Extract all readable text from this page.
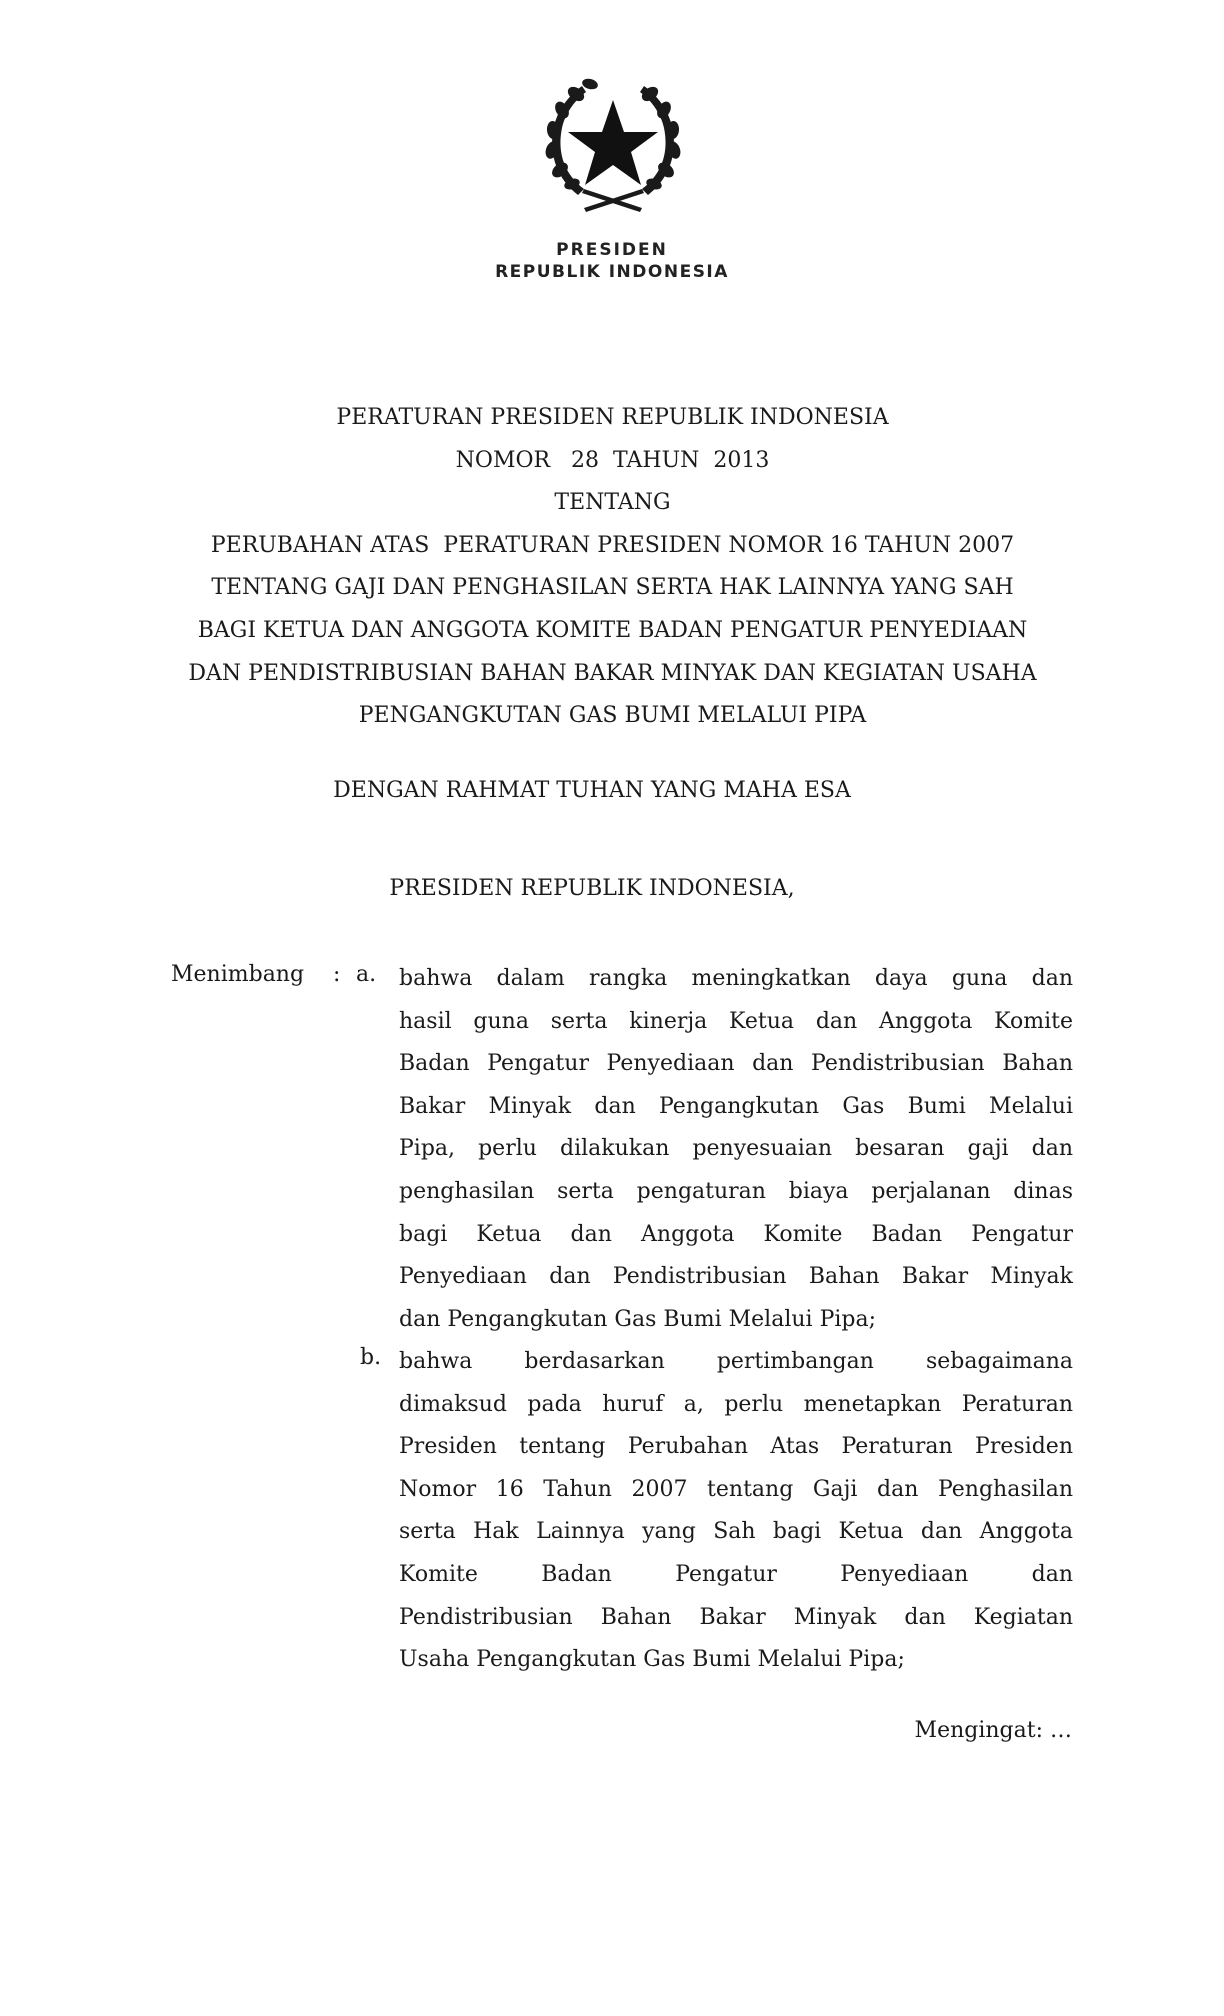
PRESIDEN
REPUBLIK INDONESIA
PERATURAN PRESIDEN REPUBLIK INDONESIA
NOMOR   28  TAHUN  2013
TENTANG
PERUBAHAN ATAS  PERATURAN PRESIDEN NOMOR 16 TAHUN 2007
TENTANG GAJI DAN PENGHASILAN SERTA HAK LAINNYA YANG SAH
BAGI KETUA DAN ANGGOTA KOMITE BADAN PENGATUR PENYEDIAAN
DAN PENDISTRIBUSIAN BAHAN BAKAR MINYAK DAN KEGIATAN USAHA
PENGANGKUTAN GAS BUMI MELALUI PIPA
DENGAN RAHMAT TUHAN YANG MAHA ESA
PRESIDEN REPUBLIK INDONESIA,
Menimbang : a. bahwa dalam rangka meningkatkan daya guna dan
hasil guna serta kinerja Ketua dan Anggota Komite
Badan Pengatur Penyediaan dan Pendistribusian Bahan
Bakar Minyak dan Pengangkutan Gas Bumi Melalui
Pipa, perlu dilakukan penyesuaian besaran gaji dan
penghasilan serta pengaturan biaya perjalanan dinas
bagi Ketua dan Anggota Komite Badan Pengatur
Penyediaan dan Pendistribusian Bahan Bakar Minyak
dan Pengangkutan Gas Bumi Melalui Pipa;
b. bahwa berdasarkan pertimbangan sebagaimana
dimaksud pada huruf a, perlu menetapkan Peraturan
Presiden tentang Perubahan Atas Peraturan Presiden
Nomor 16 Tahun 2007 tentang Gaji dan Penghasilan
serta Hak Lainnya yang Sah bagi Ketua dan Anggota
Komite Badan Pengatur Penyediaan dan
Pendistribusian Bahan Bakar Minyak dan Kegiatan
Usaha Pengangkutan Gas Bumi Melalui Pipa;
Mengingat: …
